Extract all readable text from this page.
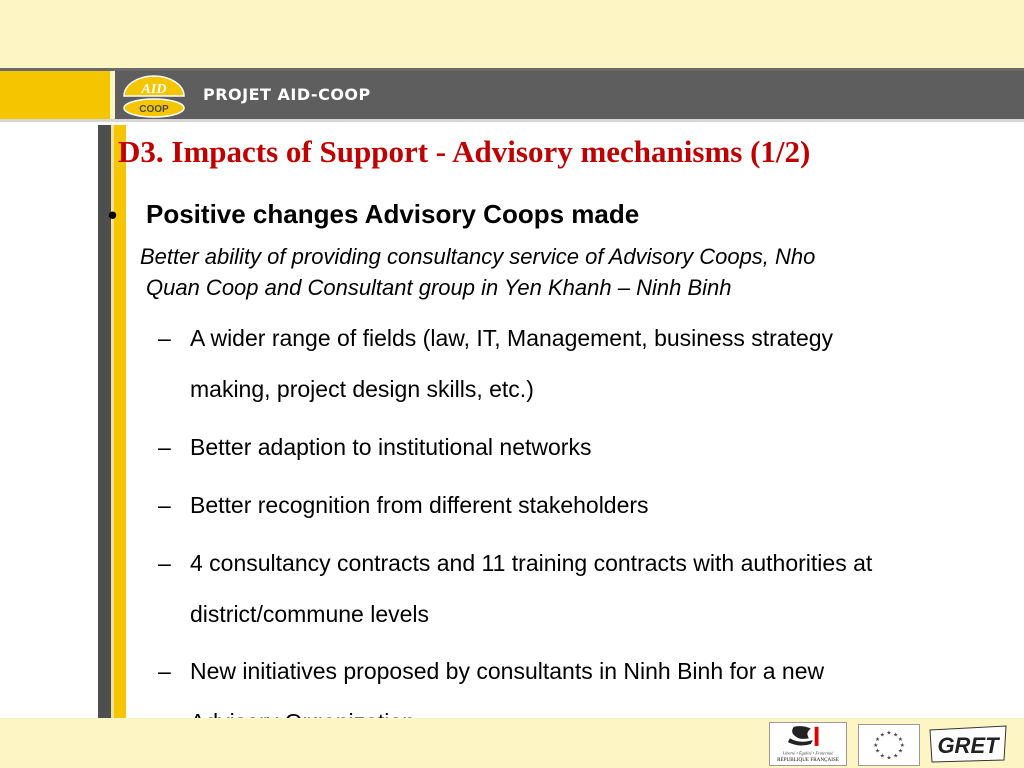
AID
COOP
PROJET AID-COOP
D3. Impacts of Support - Advisory mechanisms (1/2)
• Positive changes Advisory Coops made
Better ability of providing consultancy service of Advisory Coops, Nho
Quan Coop and Consultant group in Yen Khanh – Ninh Binh
– A wider range of fields (law, IT, Management, business strategy
making, project design skills, etc.)
– Better adaption to institutional networks
– Better recognition from different stakeholders
– 4 consultancy contracts and 11 training contracts with authorities at
district/commune levels
– New initiatives proposed by consultants in Ninh Binh for a new
Liberté • Égalité • Fraternité
RÉPUBLIQUE FRANÇAISE
★ ★
★
★
★
★
★
★
★
★
★
★ GRET
